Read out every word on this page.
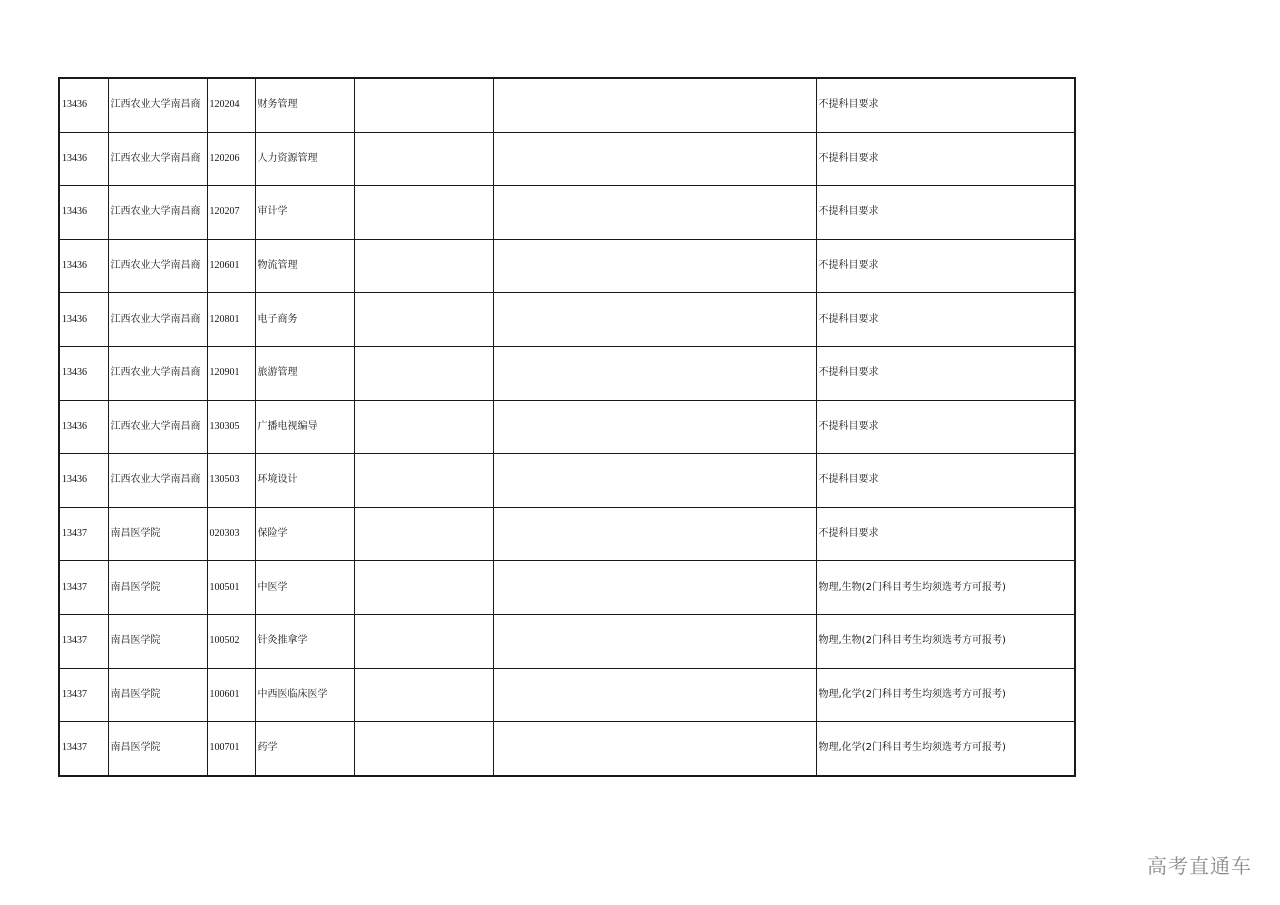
13436	江西农业大学南昌商	120204	财务管理			不提科目要求
13436	江西农业大学南昌商	120206	人力资源管理			不提科目要求
13436	江西农业大学南昌商	120207	审计学			不提科目要求
13436	江西农业大学南昌商	120601	物流管理			不提科目要求
13436	江西农业大学南昌商	120801	电子商务			不提科目要求
13436	江西农业大学南昌商	120901	旅游管理			不提科目要求
13436	江西农业大学南昌商	130305	广播电视编导			不提科目要求
13436	江西农业大学南昌商	130503	环境设计			不提科目要求
13437	南昌医学院	020303	保险学			不提科目要求
13437	南昌医学院	100501	中医学			物理,生物(2门科目考生均须选考方可报考)
13437	南昌医学院	100502	针灸推拿学			物理,生物(2门科目考生均须选考方可报考)
13437	南昌医学院	100601	中西医临床医学			物理,化学(2门科目考生均须选考方可报考)
13437	南昌医学院	100701	药学			物理,化学(2门科目考生均须选考方可报考)
高考直通车
